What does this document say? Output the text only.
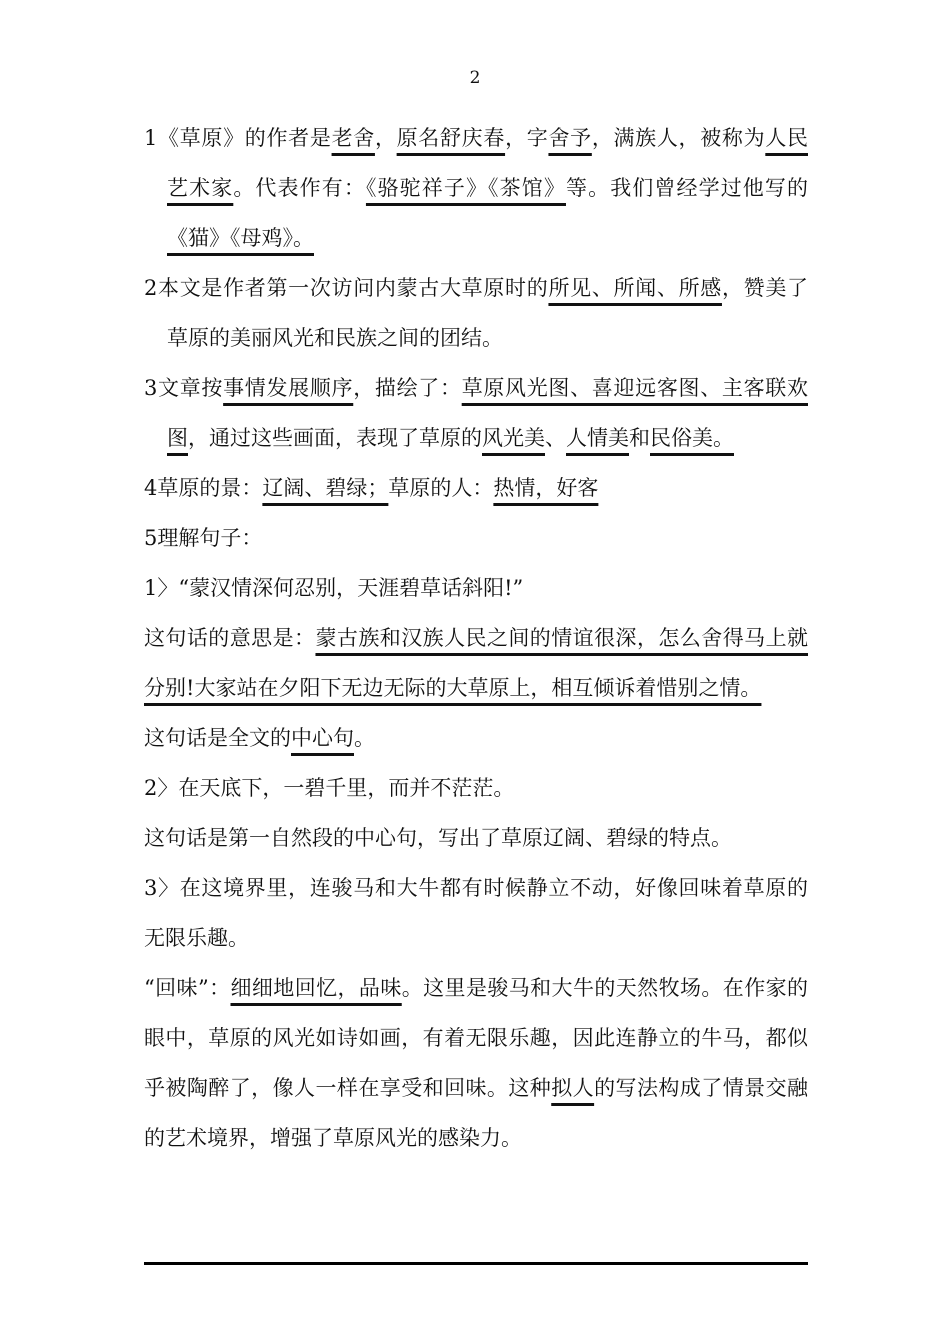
2

1《草原》的作者是老舍，原名舒庆春，字舍予，满族人，被称为人民艺术家。代表作有：《骆驼祥子》《茶馆》等。我们曾经学过他写的《猫》《母鸡》。

2本文是作者第一次访问内蒙古大草原时的所见、所闻、所感，赞美了草原的美丽风光和民族之间的团结。

3文章按事情发展顺序，描绘了：草原风光图、喜迎远客图、主客联欢图，通过这些画面，表现了草原的风光美、人情美和民俗美。

4草原的景：辽阔、碧绿；草原的人：热情，好客

5理解句子：

1〉“蒙汉情深何忍别，天涯碧草话斜阳!”

这句话的意思是：蒙古族和汉族人民之间的情谊很深，怎么舍得马上就分别!大家站在夕阳下无边无际的大草原上，相互倾诉着惜别之情。

这句话是全文的中心句。

2〉在天底下，一碧千里，而并不茫茫。

这句话是第一自然段的中心句，写出了草原辽阔、碧绿的特点。

3〉在这境界里，连骏马和大牛都有时候静立不动，好像回味着草原的无限乐趣。

“回味”：细细地回忆，品味。这里是骏马和大牛的天然牧场。在作家的眼中，草原的风光如诗如画，有着无限乐趣，因此连静立的牛马，都似乎被陶醉了，像人一样在享受和回味。这种拟人的写法构成了情景交融的艺术境界，增强了草原风光的感染力。
